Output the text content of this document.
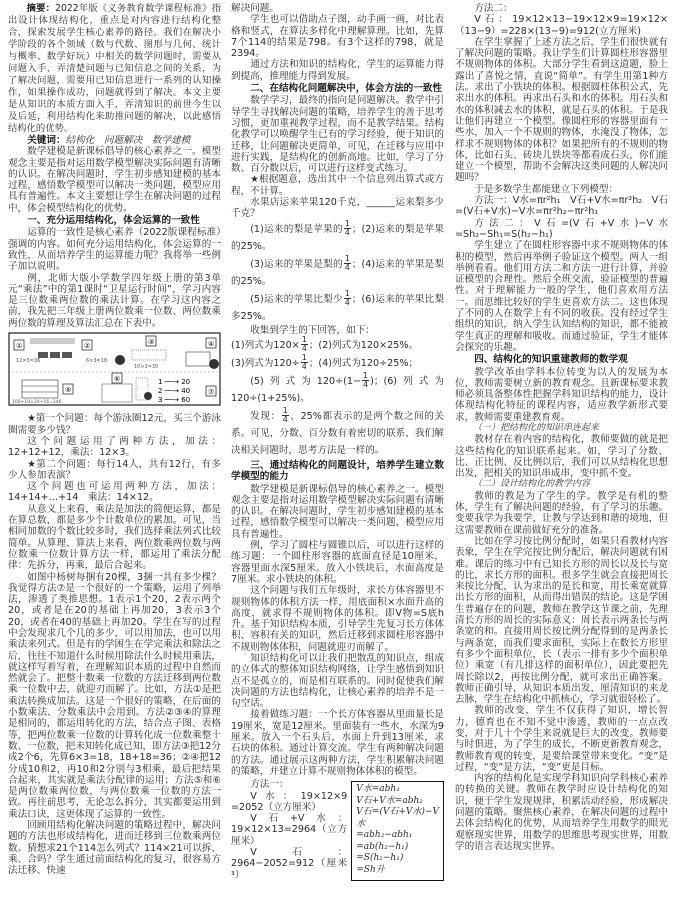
摘要：2022年版《义务教育数学课程标准》指出设计体现结构化，重点是对内容进行结构化整合，探索发展学生核心素养的路径。我们在解决小学阶段的各个领域（数与代数、图形与几何、统计与概率、数学好玩）中相关的数学问题时，需要从问题入手，弄清楚问题与已知信息之间的关系，为了解决问题，需要用已知信息进行一系列的认知操作，如果操作成功，问题就得到了解决。本文主要是从知识的本质方面入手，弄清知识的前世今生以及后延，利用结构化来助推问题的解决，以此感悟结构化的优势。

关键词：结构化　问题解决　数学建模

数学建模是新课标倡导的核心素养之一。模型观念主要是指对运用数学模型解决实际问题有清晰的认识。在解决问题时，学生初步感知建模的基本过程，感悟数学模型可以解决一类问题，模型应用具有普遍性。本文主要想让学生在解决问题的过程中，体会模型结构化的优势。

一、充分运用结构化，体会运算的一致性

运算的一致性是核心素养（2022版课程标准）强调的内容。如何充分运用结构化，体会运算的一致性，从而培养学生的运算能力呢？我将举一些例子加以说明。

例，北师大版小学数学四年级上册的第3单元“乘法”中的第1课时“卫星运行时间”，学习内容是三位数乘两位数的乘法计算。在学习这内容之前，我先把三年级上册两位数乘一位数、两位数乘两位数的算理及算法汇总在下表中。

①
12×3=36
②
6×3=18
③
10×3=30
④
100+10+20+16=146
⑤
⑥	1 ──→ 20
2 ──→ 40
3 ──→ 60
⑦

★第一个问题：每个游泳圈12元，买三个游泳圈需要多少钱？

这个问题运用了两种方法，加法：12+12+12，乘法：12×3。

★第二个问题：每行14人，共有12行，有多少人参加表演？

这个问题也可运用两种方法，加法：14+14+…+14　乘法：14×12。

从意义上来看，乘法是加法的简便运算，都是在算总数，都是多少个计数单位的累加。可见，当相同加数的个数比较多时，我们选择乘法列式比较简单。从算理、算法上来看，两位数乘两位数与两位数乘一位数计算方法一样，都运用了乘法分配律：先拆分，再乘，最后合起来。

如图中杨树每捆有20棵，3捆一共有多少棵？我觉得方法⑦是一个很好的一个策略，运用了列举法，渗透了类推思想。1表示1个20，2表示两个20，或者是在20的基础上再加20，3表示3个20，或者在40的基础上再加20。学生在写的过程中会发现求几个几的多少，可以用加法，也可以用乘法来列式。但是有的学困生在学完乘法和除法之后，往往不知道什么时候用除法什么时候用乘法，就这样写着写着，在理解知识本质的过程中自然而然就会了。把整十数乘一位数的方法迁移到两位数乘一位数中去，就迎刃而解了。比如，方法①是把乘法转换成加法。这是一个很好的策略，在后面的小数乘法、分数乘法中会用到。方法②③④的算理是相同的，都运用转化的方法，结合点子图、表格等，把两位数乘一位数的计算转化成一位数乘整十数、一位数，把未知转化成已知，即方法③把12分成2个6，先算6×3=18，18+18=36；②④把12分成10和2，再10和2分别与3相乘，最后把结果合起来，其实就是乘法分配律的运用；方法⑤和⑥是两位数乘两位数，与两位数乘一位数的方法一致。再往前思考，无论怎么拆分，其实都要运用到乘法口诀，这更体现了运算的一致性。

回顾用结构化解决问题的策略过程中，解决问题的方法也形成结构化，进而迁移到三位数乘两位数。猜想求21个114怎么列式？114×21可以拆、乘、合吗？学生通过前面结构化的复习，很容易方法迁移、快速

解决问题。

学生也可以借助点子图，动手画一画，对比表格和竖式，在算法多样化中理解算理。比如，先算7个114的结果是798。有3个这样的798，就是2394。

通过方法和知识的结构化，学生的运算能力得到提高，推理能力得到发展。

二、在结构化问题解决中，体会方法的一致性

数学学习，最终的指向是问题解决。教学中引导学生寻找解决问题的策略，培养学生的善于思考习惯，更加重视教学过程，而不是教学结果。结构化教学可以唤醒学生已有的学习经验，便于知识的迁移，让问题解决更简单，可见，在迁移与应用中进行实践，是结构化的创新高地。比如，学习了分数、百分数以后，可以进行这样变式练习。

★根据题意，选出其中一个信息列出算式或方程，不计算。

水果店运来苹果120千克，______运来梨多少千克？

(1)运来的梨是苹果的 $\frac{1}{4}$ ；(2)运来的梨是苹果的25%。

(3)运来的苹果是梨的 $\frac{1}{4}$ ；(4)运来的苹果是梨的25%。

(5)运来的苹果比梨少 $\frac{1}{4}$ ；(6)运来的苹果比梨多25%。

收集到学生的下回答，如下：

(1)列式为$120\times \frac{1}{4}$ ；(2)列式为120×25%。

(3)列式为$120\div \frac{1}{4}$ ；(4)列式为120÷25%；

(5)列式为$120\div(1- \frac{1}{4}$ )；(6)列式为120÷(1+25%)。

发现： $\frac{1}{4}$ 、25%都表示的是两个数之间的关系。可见，分数、百分数有着密切的联系，我们解决相关问题时，思考方法是一样的。

三、通过结构化的问题设计，培养学生建立数学模型的能力

数学建模是新课标倡导的核心素养之一。模型观念主要是指对运用数学模型解决实际问题有清晰的认识。在解决问题时，学生初步感知建模的基本过程，感悟数学模型可以解决一类问题，模型应用具有普遍性。

例，学习了圆柱与圆锥以后，可以进行这样的练习题：一个圆柱形容器的底面直径是10厘米，容器里面水深5厘米。放入小铁块后，水面高度是7厘米。求小铁块的体积。

这个问题与我们五年级时，求长方体容器里不规则物体的体积方法一样，用底面积×水面升高的高度，就求得不规则物体的体积。即V物=S底h升。基于知识结构本质，引导学生先复习长方体体积、容积有关的知识，然后迁移到求圆柱形容器中不规则物体体积，问题就迎刃而解了。

知识结构化可以让我们把散乱的知识点，组成的立体式的整体知识结构网络，让学生感悟到知识点不是孤立的，而是相互联系的。同时促使我们解决问题的方法也结构化，让核心素养的培养不是一句空话。

接着做练习题：一个长方体容器从里面量长是19厘米，宽是12厘米。里面装有一些水，水深为9厘米。放入一个石头后，水面上升到13厘米，求石块的体积。通过计算交流。学生有两种解决问题的方法。通过展示这两种方法，学生积累解决问题的策略，并建立计算不规则物体体积的模型。

方法一：

V水：19×12×9 =2052（立方厘米）

V石+V水：19×12×13=2964（立方厘米）

V石：2964−2052=912（厘米³）

V水=abh₁
V石+V水=abh₂
V石=(V石+V水)−V水
=abh₂−abh₁
=ab(h₂−h₁)
=S(h₂−h₁)
=Sh升

方法二：

V石：19×12×13−19×12×9=19×12×（13−9）=228×(13−9)=912(立方厘米)

在学生掌握了上述方法之后，学生们很快就有了解决问题的策略。我让学生们计算圆柱形容器里不规则物体的体积。大部分学生看到这道题，脸上露出了喜悦之情，直说“简单”。有学生用第1种方法。求出了小铁块的体积。根据圆柱体积公式，先求出水的体积。再求出石头和水的体积。用石头和水的体积减去水的体积，就是石头的体积。于是我让他们再建立一个模型。像圆柱形的容器里面有一些水，加入一个不规则的物体，水淹没了物体，怎样求不规则物体的体积？如果把所有的不规则的物体，比如石头、砖块儿铁块等都看成石头，你们能建立一个模型，帮助不会解决这类问题的人解决问题吗？

于是多数学生都能建立下列模型：

方法一：V水=πr²h₁　V石+V水=πr²h₂　V石=(V石+V水)−V水=πr²h₂−πr²h₁

方法二：V石=(V石+V水)−V水=Sh₂−Sh₁=S(h₂−h₁)

学生建立了在圆柱形容器中求不规则物体的体积的模型，然后再举例子验证这个模型。两人一组举例看看。他们用方法二和方法一进行计算，并验证模型的合理性。然后全班交流，验证模型的普遍性。对于理解能力一般的学生，他们喜欢用方法一。而思维比较好的学生更喜欢方法二。这也体现了不同的人在数学上有不同的收获。没有经过学生组织的知识，纳入学生认知结构的知识，都不能被学生真正的理解和吸收。而通过验证，学生才能体会探究的乐趣。

四、结构化的知识重建教师的数学观

教学改革由学科本位转变为以人的发展为本位，教师需要树立新的教育观念。且新课标要求教师必须具备整体性把握学科知识结构的能力，设计体现结构化特征的课程内容，适应教学新形式要求，教师需要重建教育观。

（一）把结构化的知识串连起来

教材存在着内容的结构化，教师要做的就是把这些结构化的知识联系起来。如，学习了分数、比、正比例、反比例以后，我们可以从结构化思想出发，把相关的知识串成串，变中抓不变。

（二）设计结构化的教学内容

教师的教是为了学生的学。教学是有机的整体，学生有了解决问题的经验，有了学习的乐趣。变要我学为我要学，让教与学达到和谐的境地，但这需要教师在课前做好充分的准备。

比如在学习按比例分配时，如果只看教材内容表象，学生在学完按比例分配后，解决问题就有困难。课后的练习中有已知长方形的周长以及长与宽的比，求长方形的面积。很多学生就会直接把周长来按比分配，认为求出的是长和宽，用长乘宽就算出长方形的面积，从而得出错误的结论。这是学困生普遍存在的问题，教师在教学这节课之前，先理清长方形的周长的实际意义：周长表示两条长与两条宽的和。直接用周长按比例分配得到的是两条长与两条宽，而我们要求面积，实际上在数长方形里有多少个面积单位，长（表示一排有多少个面积单位）乘宽（有几排这样的面积单位），因此要把先周长除以2，再按比例分配，就可求出正确答案。教师正确引导，从知识本质出发，厘清知识的来龙去脉，学生在结构化中抓核心，学习就很轻松了。

教师的改变，学生不仅获得了知识，增长智力，德育也在不知不觉中渗透，教师的一点点改变，对于几十个学生来说就是巨大的改变。教师要与时俱进，为了学生的成长，不断更新教育观念，教师教育观的转变，是要给课堂带来变化。“变”是过程，“变”是方法，“变”更是目标。

内容的结构化是实现学科知识向学科核心素养的转换的关键。教师在教学时应设计结构化的知识，便于学生发现规律，积累活动经验，形成解决问题的策略。聚焦核心素养，在解决问题的过程中去体会结构化的优势，从而培养学生用数学的眼光观察现实世界，用数学的思维思考现实世界，用数学的语言表达现实世界。
